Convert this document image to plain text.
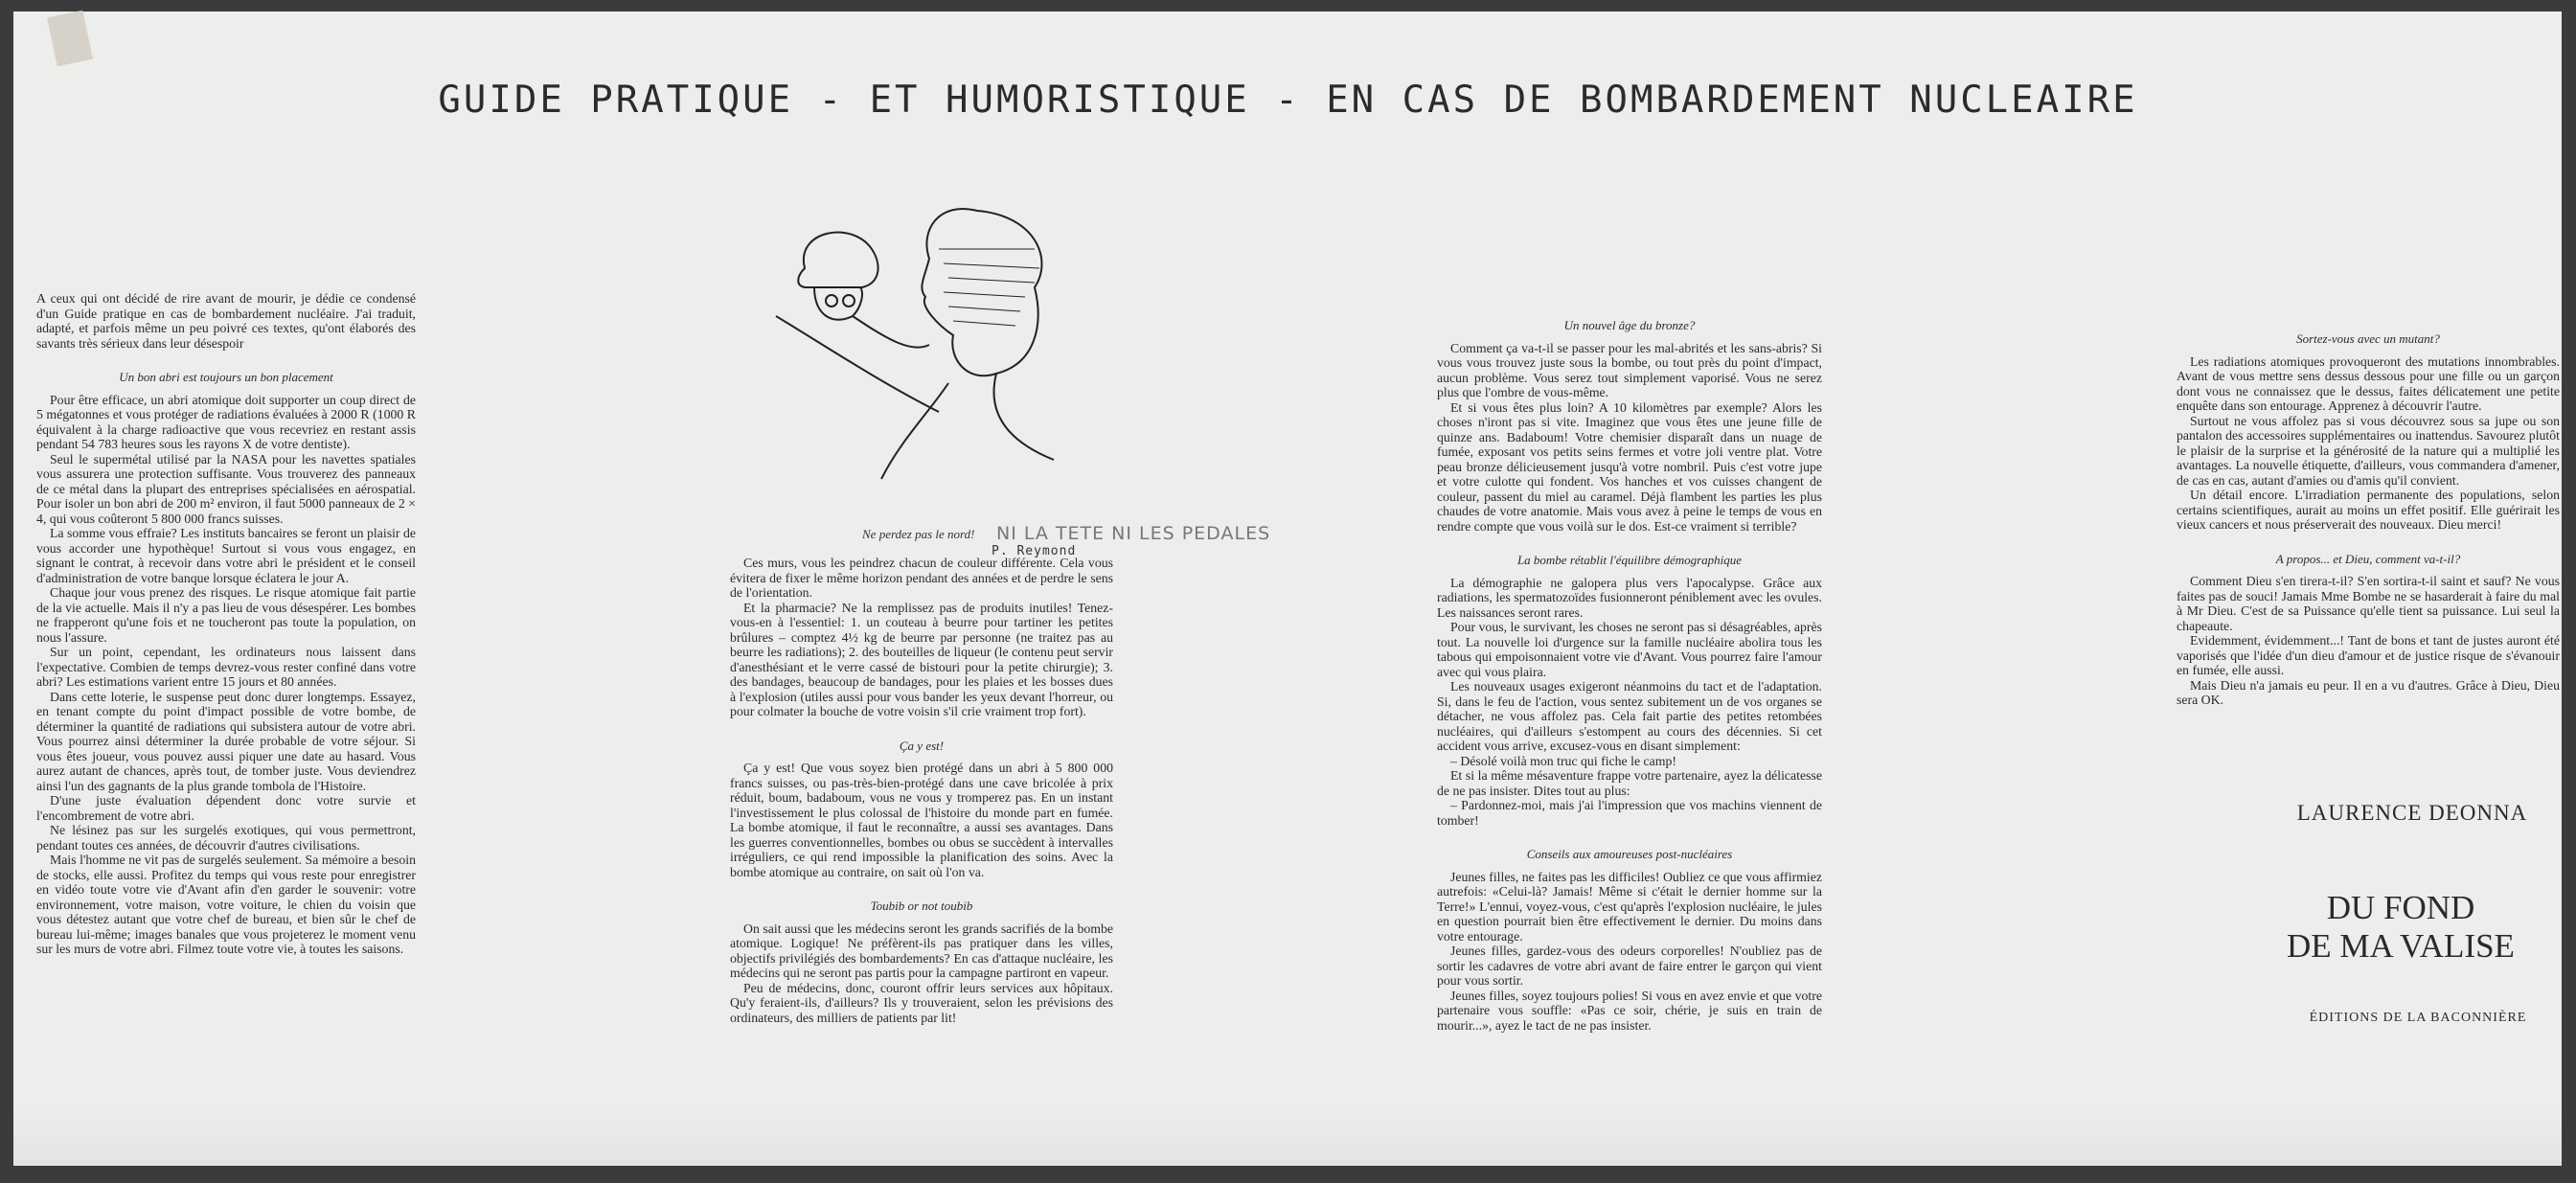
GUIDE PRATIQUE - ET HUMORISTIQUE - EN CAS DE BOMBARDEMENT NUCLEAIRE

A ceux qui ont décidé de rire avant de mourir, je dédie ce condensé d'un Guide pratique en cas de bombardement nucléaire. J'ai traduit, adapté, et parfois même un peu poivré ces textes, qu'ont élaborés des savants très sérieux dans leur désespoir

Un bon abri est toujours un bon placement

Pour être efficace, un abri atomique doit supporter un coup direct de 5 mégatonnes et vous protéger de radiations évaluées à 2000 R (1000 R équivalent à la charge radioactive que vous recevriez en restant assis pendant 54 783 heures sous les rayons X de votre dentiste).

Seul le supermétal utilisé par la NASA pour les navettes spatiales vous assurera une protection suffisante. Vous trouverez des panneaux de ce métal dans la plupart des entreprises spécialisées en aérospatial. Pour isoler un bon abri de 200 m² environ, il faut 5000 panneaux de 2 × 4, qui vous coûteront 5 800 000 francs suisses.

La somme vous effraie? Les instituts bancaires se feront un plaisir de vous accorder une hypothèque! Surtout si vous vous engagez, en signant le contrat, à recevoir dans votre abri le président et le conseil d'administration de votre banque lorsque éclatera le jour A.

Chaque jour vous prenez des risques. Le risque atomique fait partie de la vie actuelle. Mais il n'y a pas lieu de vous désespérer. Les bombes ne frapperont qu'une fois et ne toucheront pas toute la population, on nous l'assure.

Sur un point, cependant, les ordinateurs nous laissent dans l'expectative. Combien de temps devrez-vous rester confiné dans votre abri? Les estimations varient entre 15 jours et 80 années.

Dans cette loterie, le suspense peut donc durer longtemps. Essayez, en tenant compte du point d'impact possible de votre bombe, de déterminer la quantité de radiations qui subsistera autour de votre abri. Vous pourrez ainsi déterminer la durée probable de votre séjour. Si vous êtes joueur, vous pouvez aussi piquer une date au hasard. Vous aurez autant de chances, après tout, de tomber juste. Vous deviendrez ainsi l'un des gagnants de la plus grande tombola de l'Histoire.

D'une juste évaluation dépendent donc votre survie et l'encombrement de votre abri.

Ne lésinez pas sur les surgelés exotiques, qui vous permettront, pendant toutes ces années, de découvrir d'autres civilisations.

Mais l'homme ne vit pas de surgelés seulement. Sa mémoire a besoin de stocks, elle aussi. Profitez du temps qui vous reste pour enregistrer en vidéo toute votre vie d'Avant afin d'en garder le souvenir: votre environnement, votre maison, votre voiture, le chien du voisin que vous détestez autant que votre chef de bureau, et bien sûr le chef de bureau lui-même; images banales que vous projeterez le moment venu sur les murs de votre abri. Filmez toute votre vie, à toutes les saisons.

Ne perdez pas le nord! NI LA TETE NI LES PEDALES
P. Reymond

Ces murs, vous les peindrez chacun de couleur différente. Cela vous évitera de fixer le même horizon pendant des années et de perdre le sens de l'orientation.

Et la pharmacie? Ne la remplissez pas de produits inutiles! Tenez-vous-en à l'essentiel: 1. un couteau à beurre pour tartiner les petites brûlures – comptez 4½ kg de beurre par personne (ne traitez pas au beurre les radiations); 2. des bouteilles de liqueur (le contenu peut servir d'anesthésiant et le verre cassé de bistouri pour la petite chirurgie); 3. des bandages, beaucoup de bandages, pour les plaies et les bosses dues à l'explosion (utiles aussi pour vous bander les yeux devant l'horreur, ou pour colmater la bouche de votre voisin s'il crie vraiment trop fort).

Ça y est!

Ça y est! Que vous soyez bien protégé dans un abri à 5 800 000 francs suisses, ou pas-très-bien-protégé dans une cave bricolée à prix réduit, boum, badaboum, vous ne vous y tromperez pas. En un instant l'investissement le plus colossal de l'histoire du monde part en fumée. La bombe atomique, il faut le reconnaître, a aussi ses avantages. Dans les guerres conventionnelles, bombes ou obus se succèdent à intervalles irréguliers, ce qui rend impossible la planification des soins. Avec la bombe atomique au contraire, on sait où l'on va.

Toubib or not toubib

On sait aussi que les médecins seront les grands sacrifiés de la bombe atomique. Logique! Ne préfèrent-ils pas pratiquer dans les villes, objectifs privilégiés des bombardements? En cas d'attaque nucléaire, les médecins qui ne seront pas partis pour la campagne partiront en vapeur.

Peu de médecins, donc, couront offrir leurs services aux hôpitaux. Qu'y feraient-ils, d'ailleurs? Ils y trouveraient, selon les prévisions des ordinateurs, des milliers de patients par lit!

Un nouvel âge du bronze?

Comment ça va-t-il se passer pour les mal-abrités et les sans-abris? Si vous vous trouvez juste sous la bombe, ou tout près du point d'impact, aucun problème. Vous serez tout simplement vaporisé. Vous ne serez plus que l'ombre de vous-même.

Et si vous êtes plus loin? A 10 kilomètres par exemple? Alors les choses n'iront pas si vite. Imaginez que vous êtes une jeune fille de quinze ans. Badaboum! Votre chemisier disparaît dans un nuage de fumée, exposant vos petits seins fermes et votre joli ventre plat. Votre peau bronze délicieusement jusqu'à votre nombril. Puis c'est votre jupe et votre culotte qui fondent. Vos hanches et vos cuisses changent de couleur, passent du miel au caramel. Déjà flambent les parties les plus chaudes de votre anatomie. Mais vous avez à peine le temps de vous en rendre compte que vous voilà sur le dos. Est-ce vraiment si terrible?

La bombe rétablit l'équilibre démographique

La démographie ne galopera plus vers l'apocalypse. Grâce aux radiations, les spermatozoïdes fusionneront péniblement avec les ovules. Les naissances seront rares.

Pour vous, le survivant, les choses ne seront pas si désagréables, après tout. La nouvelle loi d'urgence sur la famille nucléaire abolira tous les tabous qui empoisonnaient votre vie d'Avant. Vous pourrez faire l'amour avec qui vous plaira.

Les nouveaux usages exigeront néanmoins du tact et de l'adaptation. Si, dans le feu de l'action, vous sentez subitement un de vos organes se détacher, ne vous affolez pas. Cela fait partie des petites retombées nucléaires, qui d'ailleurs s'estompent au cours des décennies. Si cet accident vous arrive, excusez-vous en disant simplement:

– Désolé voilà mon truc qui fiche le camp!

Et si la même mésaventure frappe votre partenaire, ayez la délicatesse de ne pas insister. Dites tout au plus:

– Pardonnez-moi, mais j'ai l'impression que vos machins viennent de tomber!

Conseils aux amoureuses post-nucléaires

Jeunes filles, ne faites pas les difficiles! Oubliez ce que vous affirmiez autrefois: «Celui-là? Jamais! Même si c'était le dernier homme sur la Terre!» L'ennui, voyez-vous, c'est qu'après l'explosion nucléaire, le jules en question pourrait bien être effectivement le dernier. Du moins dans votre entourage.

Jeunes filles, gardez-vous des odeurs corporelles! N'oubliez pas de sortir les cadavres de votre abri avant de faire entrer le garçon qui vient pour vous sortir.

Jeunes filles, soyez toujours polies! Si vous en avez envie et que votre partenaire vous souffle: «Pas ce soir, chérie, je suis en train de mourir...», ayez le tact de ne pas insister.

Sortez-vous avec un mutant?

Les radiations atomiques provoqueront des mutations innombrables. Avant de vous mettre sens dessus dessous pour une fille ou un garçon dont vous ne connaissez que le dessus, faites délicatement une petite enquête dans son entourage. Apprenez à découvrir l'autre.

Surtout ne vous affolez pas si vous découvrez sous sa jupe ou son pantalon des accessoires supplémentaires ou inattendus. Savourez plutôt le plaisir de la surprise et la générosité de la nature qui a multiplié les avantages. La nouvelle étiquette, d'ailleurs, vous commandera d'amener, de cas en cas, autant d'amies ou d'amis qu'il convient.

Un détail encore. L'irradiation permanente des populations, selon certains scientifiques, aurait au moins un effet positif. Elle guérirait les vieux cancers et nous préserverait des nouveaux. Dieu merci!

A propos... et Dieu, comment va-t-il?

Comment Dieu s'en tirera-t-il? S'en sortira-t-il saint et sauf? Ne vous faites pas de souci! Jamais Mme Bombe ne se hasarderait à faire du mal à Mr Dieu. C'est de sa Puissance qu'elle tient sa puissance. Lui seul la chapeaute.

Evidemment, évidemment...! Tant de bons et tant de justes auront été vaporisés que l'idée d'un dieu d'amour et de justice risque de s'évanouir en fumée, elle aussi.

Mais Dieu n'a jamais eu peur. Il en a vu d'autres. Grâce à Dieu, Dieu sera OK.

LAURENCE DEONNA
DU FOND
DE MA VALISE
ÉDITIONS DE LA BACONNIÈRE
